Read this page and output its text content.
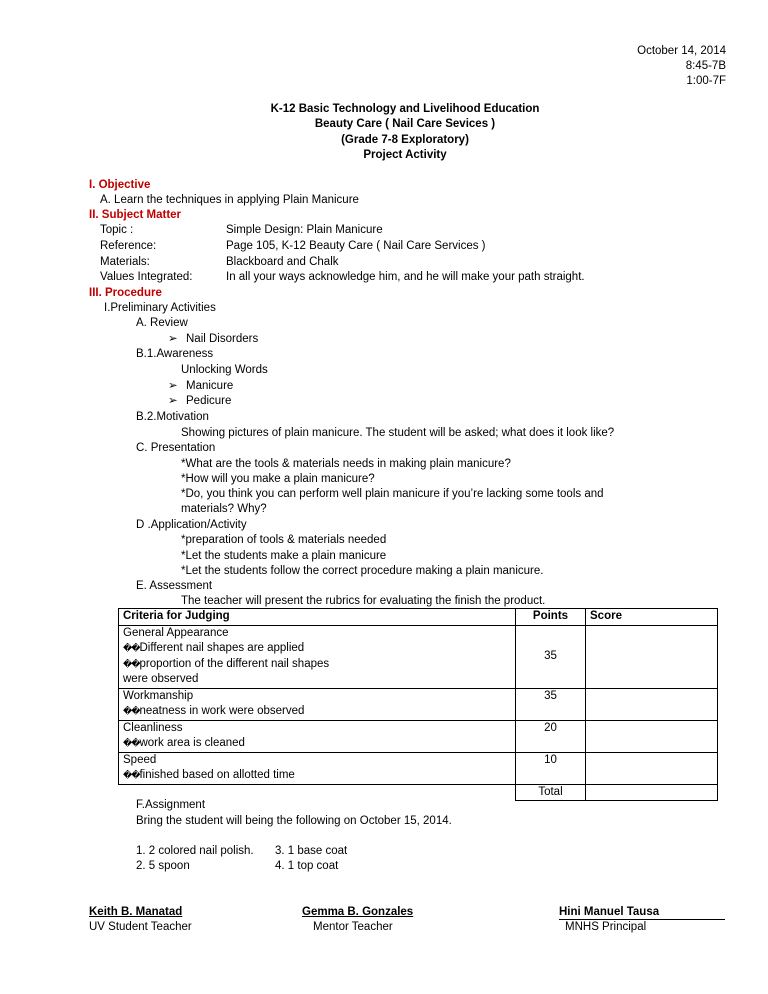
October 14, 2014
8:45-7B
1:00-7F
K-12 Basic Technology and Livelihood Education
Beauty Care ( Nail Care Sevices )
(Grade 7-8 Exploratory)
Project Activity
I. Objective
A. Learn the techniques in applying Plain Manicure
II. Subject Matter
Topic :	Simple Design: Plain Manicure
Reference:	Page 105, K-12 Beauty Care ( Nail Care Services )
Materials:	Blackboard and Chalk
Values Integrated:	In all your ways acknowledge him, and he will make your path straight.
III. Procedure
I.Preliminary Activities
A. Review
➢ Nail Disorders
B.1.Awareness
Unlocking Words
➢ Manicure
➢ Pedicure
B.2.Motivation
Showing pictures of plain manicure. The student will be asked; what does it look like?
C. Presentation
*What are the tools & materials needs in making plain manicure?
*How will you make a plain manicure?
*Do, you think you can perform well plain manicure if you’re lacking some tools and
materials? Why?
D .Application/Activity
*preparation of tools & materials needed
*Let the students make a plain manicure
*Let the students follow the correct procedure making a plain manicure.
E. Assessment
The teacher will present the rubrics for evaluating the finish the product.
Criteria for Judging	Points	Score

General Appearance
��Different nail shapes are applied
��proportion of the different nail shapes
were observed	35	

Workmanship
��neatness in work were observed	35	

Cleanliness
��work area is cleaned	20	

Speed
��finished based on allotted time	10	
	Total	
F.Assignment
Bring the student will being the following on October 15, 2014.
1. 2 colored nail polish. 3. 1 base coat
2. 5 spoon	4. 1 top coat
Keith B. Manatad
UV Student Teacher
Gemma B. Gonzales
Mentor Teacher
Hini Manuel Tausa
MNHS Principal
